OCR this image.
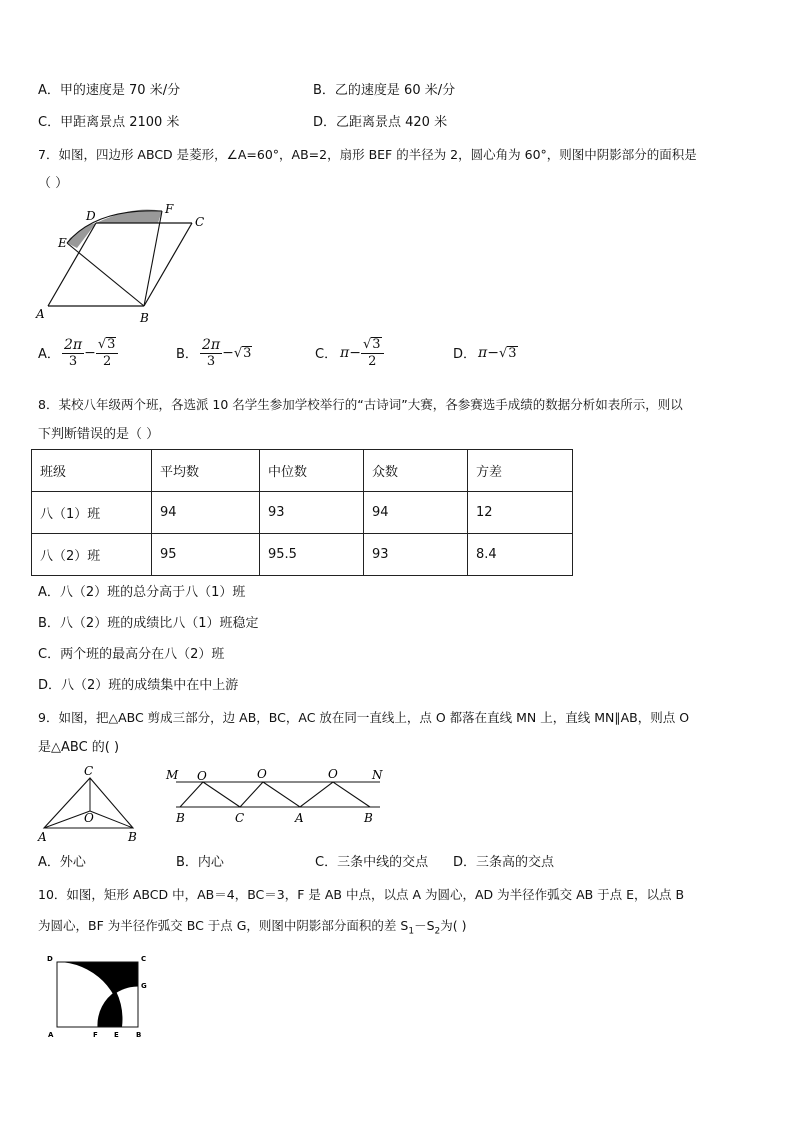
A．甲的速度是 70 米/分	B．乙的速度是 60 米/分
C．甲距离景点 2100 米	D．乙距离景点 420 米
7．如图，四边形 ABCD 是菱形，∠A=60°，AB=2，扇形 BEF 的半径为 2，圆心角为 60°，则图中阴影部分的面积是
（ ）
A	B
C
D
E
F
A． $\frac{2\pi}{3} - \frac{√3}{2}$	B． $\frac{2\pi}{3} -√3$	C． $\pi- \frac{√3}{2}$	D． π−√3
8．某校八年级两个班，各选派 10 名学生参加学校举行的“古诗词”大赛，各参赛选手成绩的数据分析如表所示，则以
下判断错误的是（ ）
班级	平均数	中位数	众数	方差
八（1）班	94	93	94	12
八（2）班	95	95.5	93	8.4
A．八（2）班的总分高于八（1）班
B．八（2）班的成绩比八（1）班稳定
C．两个班的最高分在八（2）班
D．八（2）班的成绩集中在中上游
9．如图，把△ABC 剪成三部分，边 AB，BC，AC 放在同一直线上，点 O 都落在直线 MN 上，直线 MN∥AB，则点 O
是△ABC 的( )
A	B
C
O
M	N
O	O	O
B	C	A	B
A．外心	B．内心	C．三条中线的交点 D．三条高的交点
10．如图，矩形 ABCD 中，AB＝4，BC＝3，F 是 AB 中点，以点 A 为圆心，AD 为半径作弧交 AB 于点 E，以点 B
为圆心，BF 为半径作弧交 BC 于点 G，则图中阴影部分面积的差 $S_1-S_2$为( )
D	C
G
A	F E B
